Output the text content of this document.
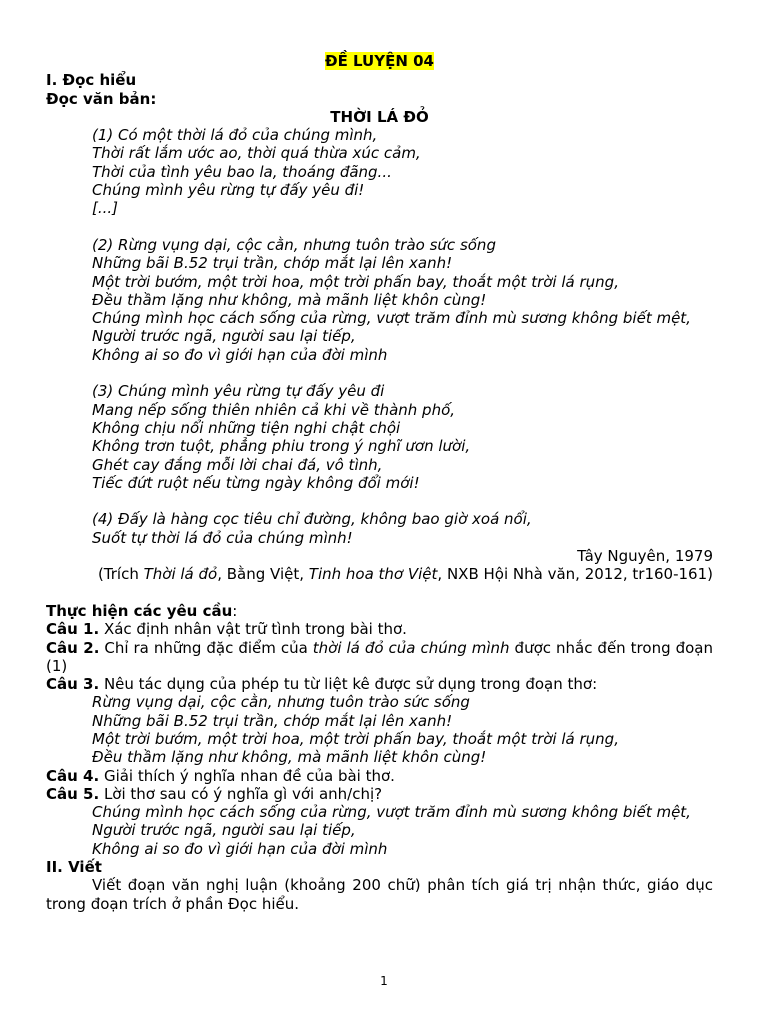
ĐỀ LUYỆN 04
I. Đọc hiểu
Đọc văn bản:
THỜI LÁ ĐỎ
(1) Có một thời lá đỏ của chúng mình,
Thời rất lắm ước ao, thời quá thừa xúc cảm,
Thời của tình yêu bao la, thoáng đãng...
Chúng mình yêu rừng tự đấy yêu đi!
[...]
(2) Rừng vụng dại, cộc cằn, nhưng tuôn trào sức sống
Những bãi B.52 trụi trần, chớp mắt lại lên xanh!
Một trời bướm, một trời hoa, một trời phấn bay, thoắt một trời lá rụng,
Đều thầm lặng như không, mà mãnh liệt khôn cùng!
Chúng mình học cách sống của rừng, vượt trăm đỉnh mù sương không biết mệt,
Người trước ngã, người sau lại tiếp,
Không ai so đo vì giới hạn của đời mình
(3) Chúng mình yêu rừng tự đấy yêu đi
Mang nếp sống thiên nhiên cả khi về thành phố,
Không chịu nổi những tiện nghi chật chội
Không trơn tuột, phẳng phiu trong ý nghĩ ươn lười,
Ghét cay đắng mỗi lời chai đá, vô tình,
Tiếc đứt ruột nếu từng ngày không đổi mới!
(4) Đấy là hàng cọc tiêu chỉ đường, không bao giờ xoá nổi,
Suốt tự thời lá đỏ của chúng mình!
Tây Nguyên, 1979
(Trích Thời lá đỏ, Bằng Việt, Tinh hoa thơ Việt, NXB Hội Nhà văn, 2012, tr160-161)
Thực hiện các yêu cầu:
Câu 1. Xác định nhân vật trữ tình trong bài thơ.
Câu 2. Chỉ ra những đặc điểm của thời lá đỏ của chúng mình được nhắc đến trong đoạn (1)
Câu 3. Nêu tác dụng của phép tu từ liệt kê được sử dụng trong đoạn thơ:
Rừng vụng dại, cộc cằn, nhưng tuôn trào sức sống
Những bãi B.52 trụi trần, chớp mắt lại lên xanh!
Một trời bướm, một trời hoa, một trời phấn bay, thoắt một trời lá rụng,
Đều thầm lặng như không, mà mãnh liệt khôn cùng!
Câu 4. Giải thích ý nghĩa nhan đề của bài thơ.
Câu 5. Lời thơ sau có ý nghĩa gì với anh/chị?
Chúng mình học cách sống của rừng, vượt trăm đỉnh mù sương không biết mệt,
Người trước ngã, người sau lại tiếp,
Không ai so đo vì giới hạn của đời mình
II. Viết
Viết đoạn văn nghị luận (khoảng 200 chữ) phân tích giá trị nhận thức, giáo dục trong đoạn trích ở phần Đọc hiểu.
1
